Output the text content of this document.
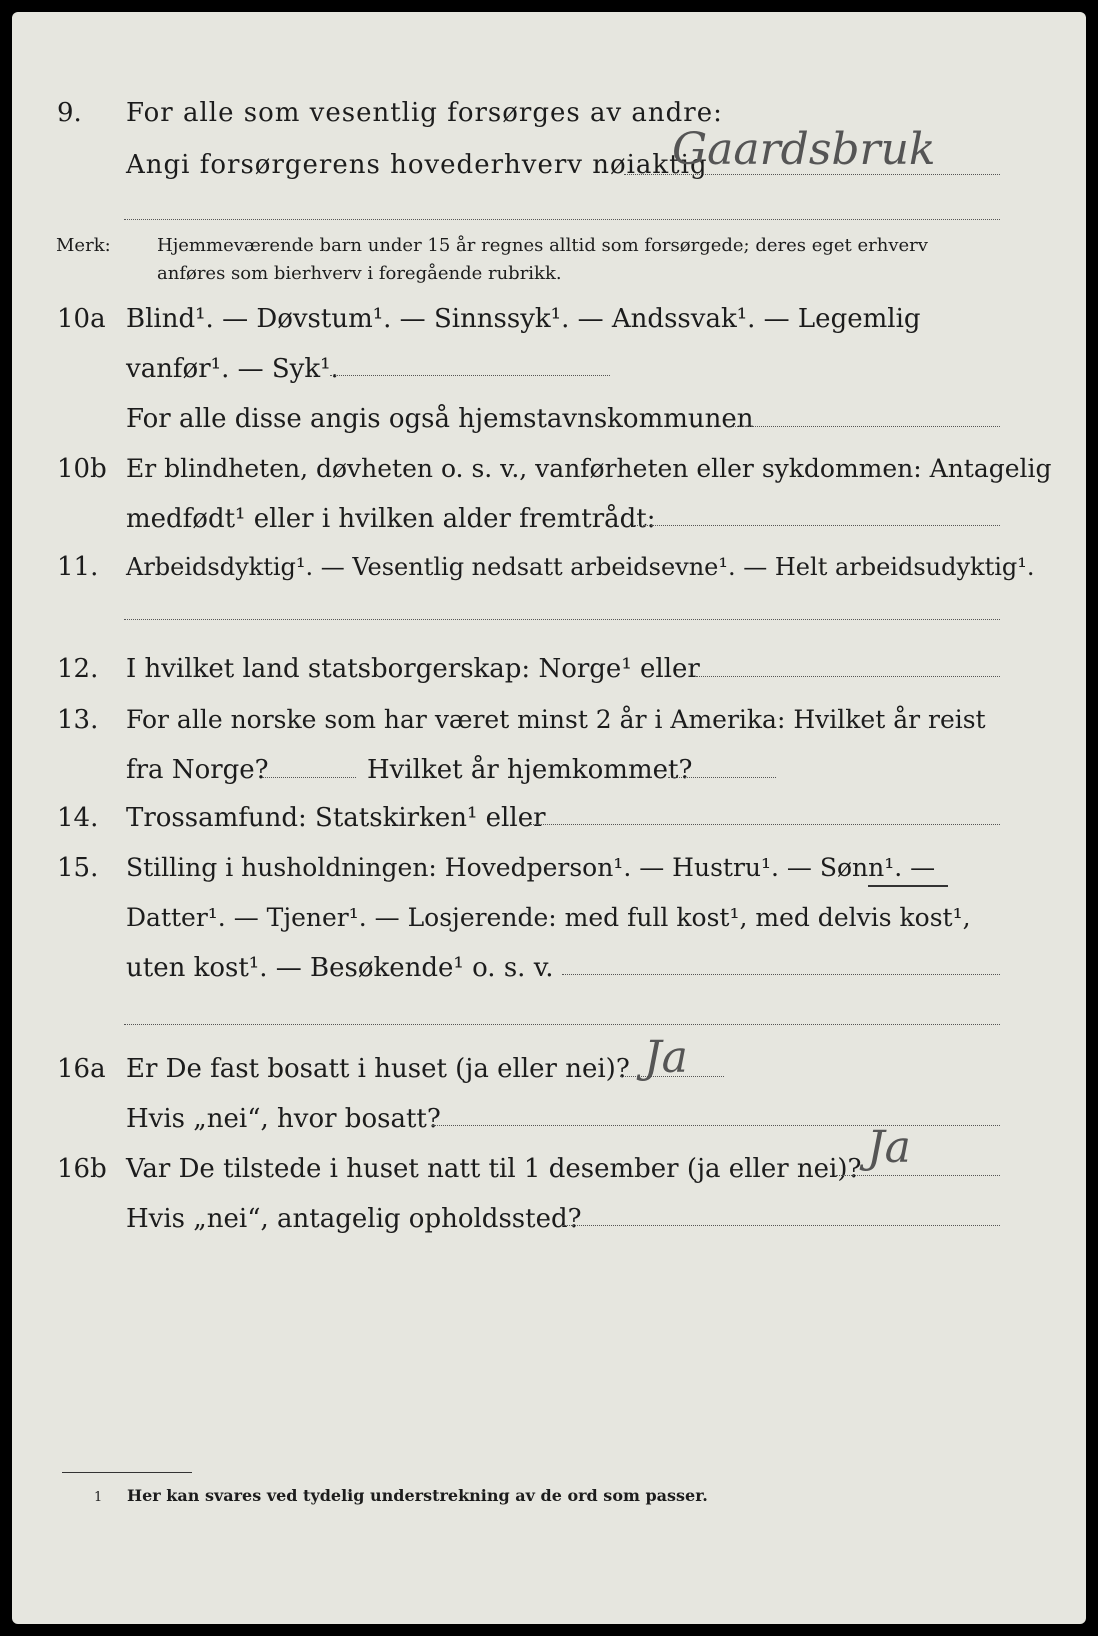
9. For alle som vesentlig forsørges av andre:
Angi forsørgerens hovederhverv nøiaktig
Gaardsbruk
Merk:	Hjemmeværende barn under 15 år regnes alltid som forsørgede; deres eget erhverv
anføres som bierhverv i foregående rubrikk.
10a Blind¹. — Døvstum¹. — Sinnssyk¹. — Andssvak¹. — Legemlig
vanfør¹. — Syk¹.
For alle disse angis også hjemstavnskommunen
10b Er blindheten, døvheten o. s. v., vanførheten eller sykdommen: Antagelig
medfødt¹ eller i hvilken alder fremtrådt:
11. Arbeidsdyktig¹. — Vesentlig nedsatt arbeidsevne¹. — Helt arbeidsudyktig¹.
12. I hvilket land statsborgerskap: Norge¹ eller
13. For alle norske som har været minst 2 år i Amerika: Hvilket år reist
fra Norge?	Hvilket år hjemkommet?
14. Trossamfund: Statskirken¹ eller
15. Stilling i husholdningen: Hovedperson¹. — Hustru¹. — Sønn¹. —
Datter¹. — Tjener¹. — Losjerende: med full kost¹, med delvis kost¹,
uten kost¹. — Besøkende¹ o. s. v.
16a Er De fast bosatt i huset (ja eller nei)? Ja
Hvis „nei“, hvor bosatt?
16b Var De tilstede i huset natt til 1 desember (ja eller nei)? Ja
Hvis „nei“, antagelig opholdssted?
1 Her kan svares ved tydelig understrekning av de ord som passer.
